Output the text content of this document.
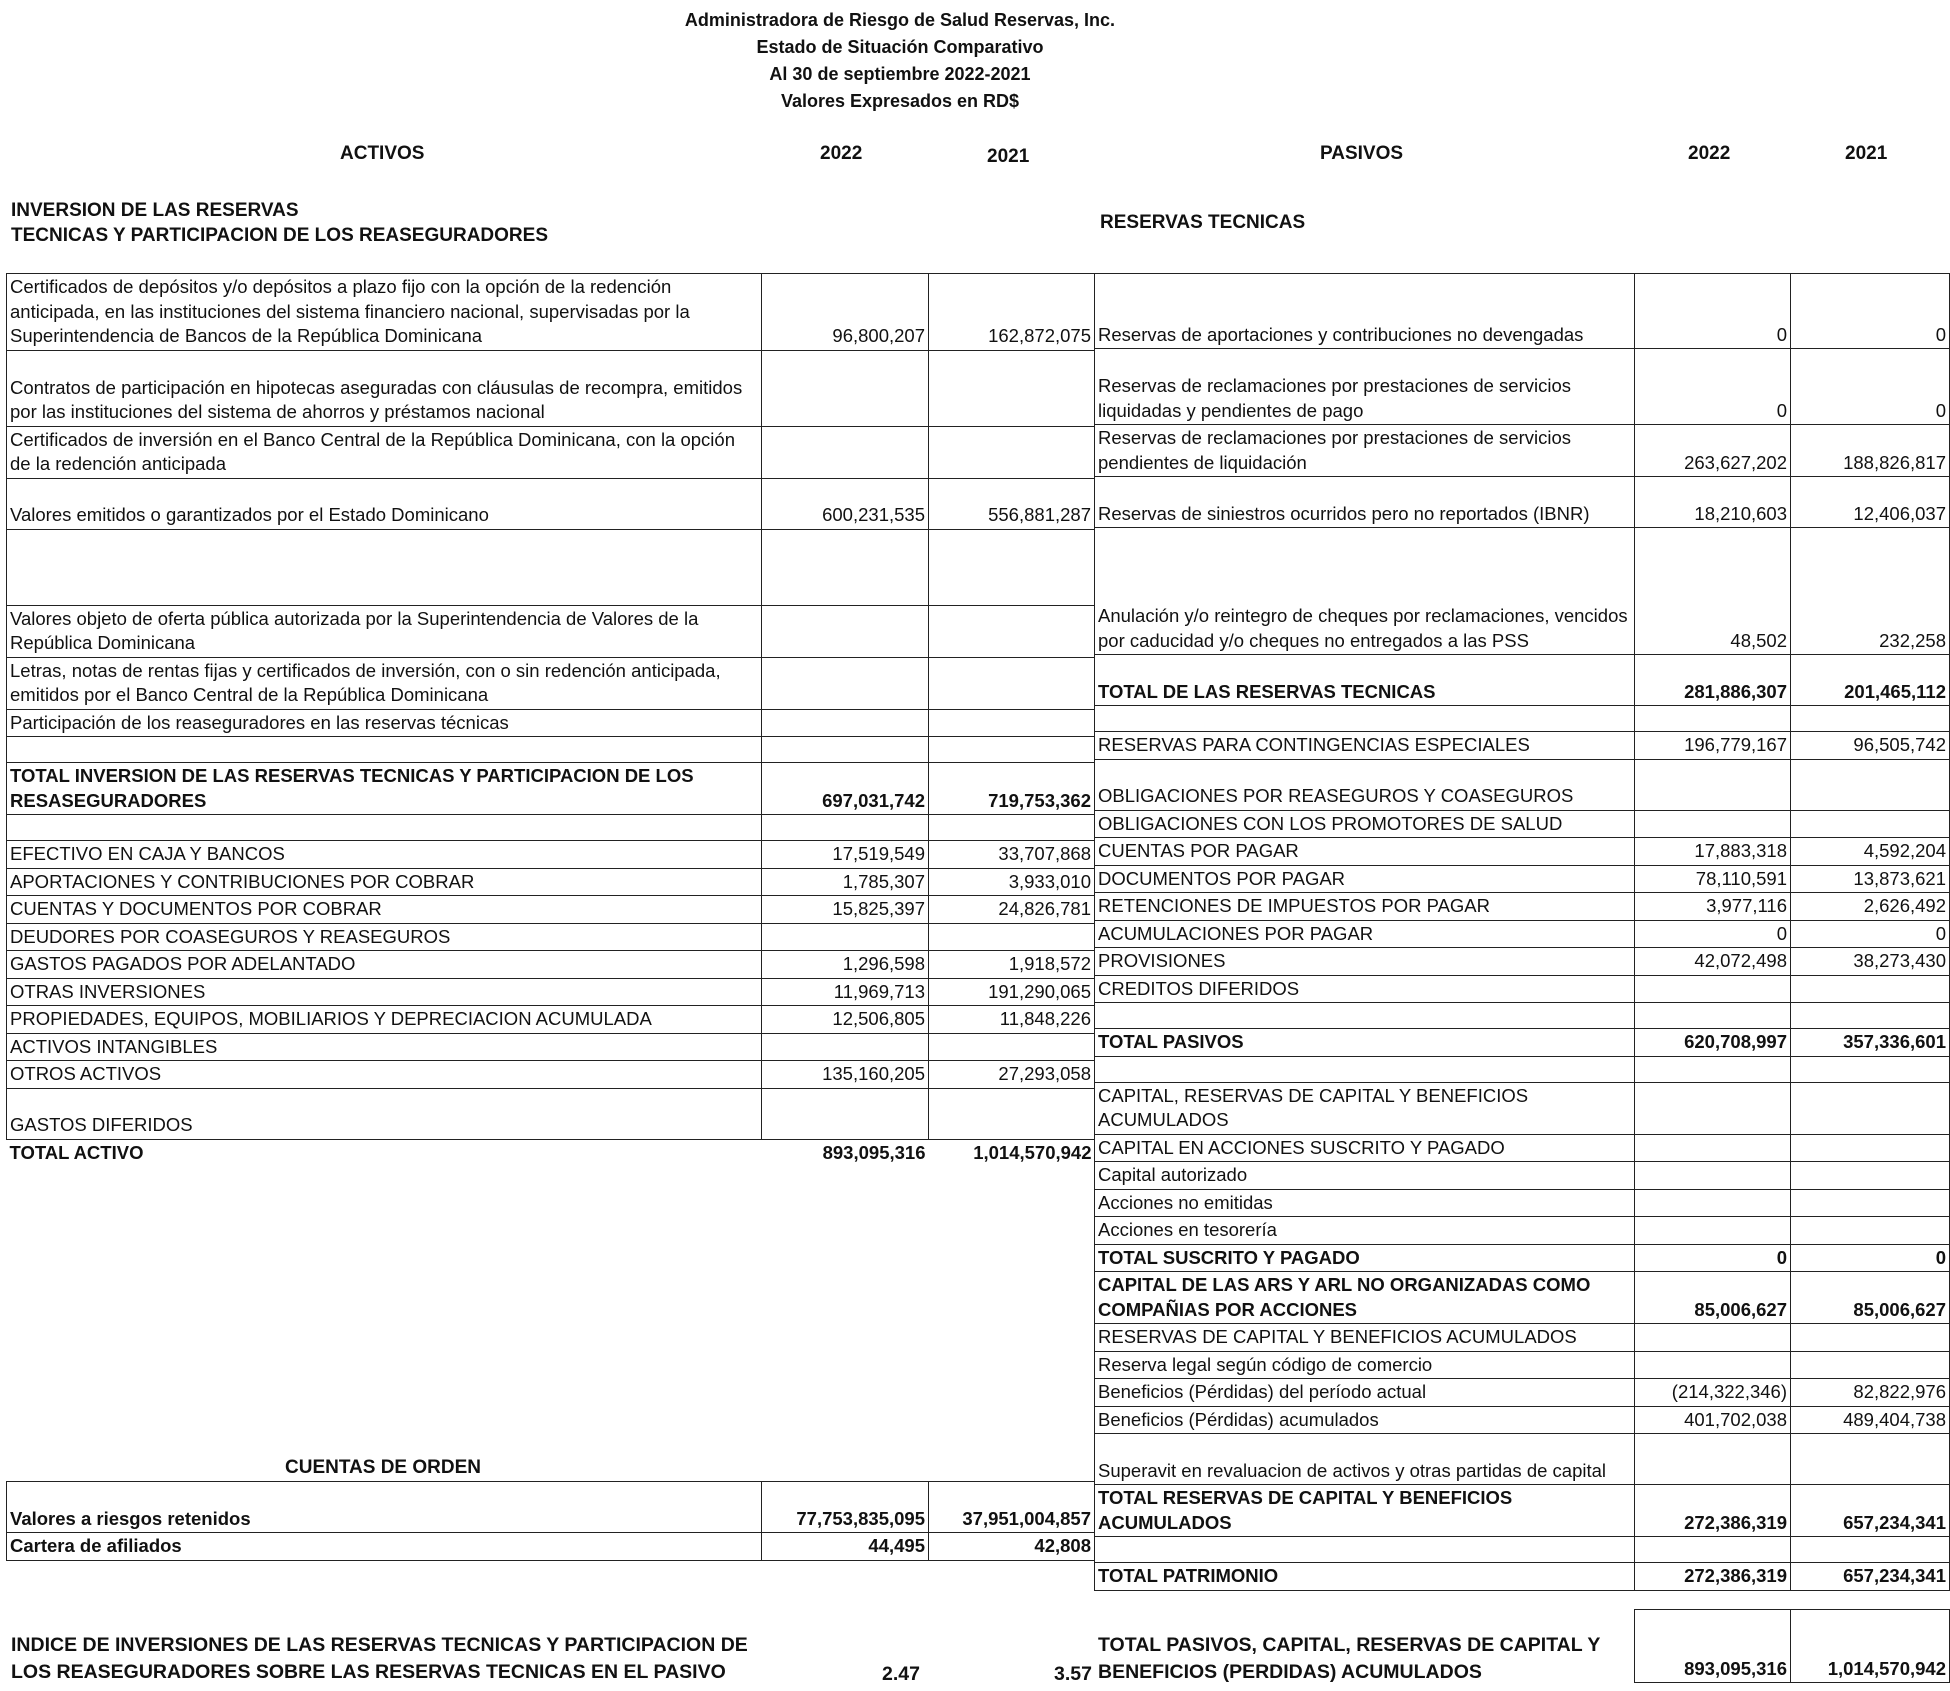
Administradora de Riesgo de Salud Reservas, Inc.
Estado de Situación Comparativo
Al 30 de septiembre 2022-2021
Valores Expresados en RD$
ACTIVOS	2022	2021	PASIVOS	2022	2021
INVERSION DE LAS RESERVAS
TECNICAS Y PARTICIPACION DE LOS REASEGURADORES
RESERVAS TECNICAS
Certificados de depósitos y/o depósitos a plazo fijo con la opción de la redención anticipada, en las instituciones del sistema financiero nacional, supervisadas por la Superintendencia de Bancos de la República Dominicana	96,800,207	162,872,075
Contratos de participación en hipotecas aseguradas con cláusulas de recompra, emitidos por las instituciones del sistema de ahorros y préstamos nacional		
Certificados de inversión en el Banco Central de la República Dominicana, con la opción de la redención anticipada		
Valores emitidos o garantizados por el Estado Dominicano	600,231,535	556,881,287

Valores objeto de oferta pública autorizada por la Superintendencia de Valores de la República Dominicana		
Letras, notas de rentas fijas y certificados de inversión, con o sin redención anticipada, emitidos por el Banco Central de la República Dominicana		
Participación de los reaseguradores en las reservas técnicas		

TOTAL INVERSION DE LAS RESERVAS TECNICAS Y PARTICIPACION DE LOS RESASEGURADORES	697,031,742	719,753,362

EFECTIVO EN CAJA Y BANCOS	17,519,549	33,707,868
APORTACIONES Y CONTRIBUCIONES POR COBRAR	1,785,307	3,933,010
CUENTAS Y DOCUMENTOS POR COBRAR	15,825,397	24,826,781
DEUDORES POR COASEGUROS Y REASEGUROS		
GASTOS PAGADOS POR ADELANTADO	1,296,598	1,918,572
OTRAS INVERSIONES	11,969,713	191,290,065
PROPIEDADES, EQUIPOS, MOBILIARIOS Y DEPRECIACION ACUMULADA	12,506,805	11,848,226
ACTIVOS INTANGIBLES		
OTROS ACTIVOS	135,160,205	27,293,058
GASTOS DIFERIDOS		
TOTAL ACTIVO	893,095,316	1,014,570,942
Reservas de aportaciones y contribuciones no devengadas	0	0
Reservas de reclamaciones por prestaciones de servicios liquidadas y pendientes de pago	0	0
Reservas de reclamaciones por prestaciones de servicios pendientes de liquidación	263,627,202	188,826,817
Reservas de siniestros ocurridos pero no reportados (IBNR)	18,210,603	12,406,037
Anulación y/o reintegro de cheques por reclamaciones, vencidos por caducidad y/o cheques no entregados a las PSS	48,502	232,258
TOTAL DE LAS RESERVAS TECNICAS	281,886,307	201,465,112

RESERVAS PARA CONTINGENCIAS ESPECIALES	196,779,167	96,505,742
OBLIGACIONES POR REASEGUROS Y COASEGUROS		
OBLIGACIONES CON LOS PROMOTORES DE SALUD		
CUENTAS POR PAGAR	17,883,318	4,592,204
DOCUMENTOS POR PAGAR	78,110,591	13,873,621
RETENCIONES DE IMPUESTOS POR PAGAR	3,977,116	2,626,492
ACUMULACIONES POR PAGAR	0	0
PROVISIONES	42,072,498	38,273,430
CREDITOS DIFERIDOS		

TOTAL PASIVOS	620,708,997	357,336,601

CAPITAL, RESERVAS DE CAPITAL Y BENEFICIOS ACUMULADOS		
CAPITAL EN ACCIONES SUSCRITO Y PAGADO		
Capital autorizado		
Acciones no emitidas		
Acciones en tesorería		
TOTAL SUSCRITO Y PAGADO	0	0
CAPITAL DE LAS ARS Y ARL NO ORGANIZADAS COMO COMPAÑIAS POR ACCIONES	85,006,627	85,006,627
RESERVAS DE CAPITAL Y BENEFICIOS ACUMULADOS		
Reserva legal según código de comercio		
Beneficios (Pérdidas) del período actual	(214,322,346)	82,822,976
Beneficios (Pérdidas) acumulados	401,702,038	489,404,738
Superavit en revaluacion de activos y otras partidas de capital		
TOTAL RESERVAS DE CAPITAL Y BENEFICIOS ACUMULADOS	272,386,319	657,234,341

TOTAL PATRIMONIO	272,386,319	657,234,341
CUENTAS DE ORDEN
Valores a riesgos retenidos	77,753,835,095	37,951,004,857
Cartera de afiliados	44,495	42,808
INDICE DE INVERSIONES DE LAS RESERVAS TECNICAS Y PARTICIPACION DE LOS REASEGURADORES SOBRE LAS RESERVAS TECNICAS EN EL PASIVO	2.47	3.57
TOTAL PASIVOS, CAPITAL, RESERVAS DE CAPITAL Y BENEFICIOS (PERDIDAS) ACUMULADOS	893,095,316	1,014,570,942
